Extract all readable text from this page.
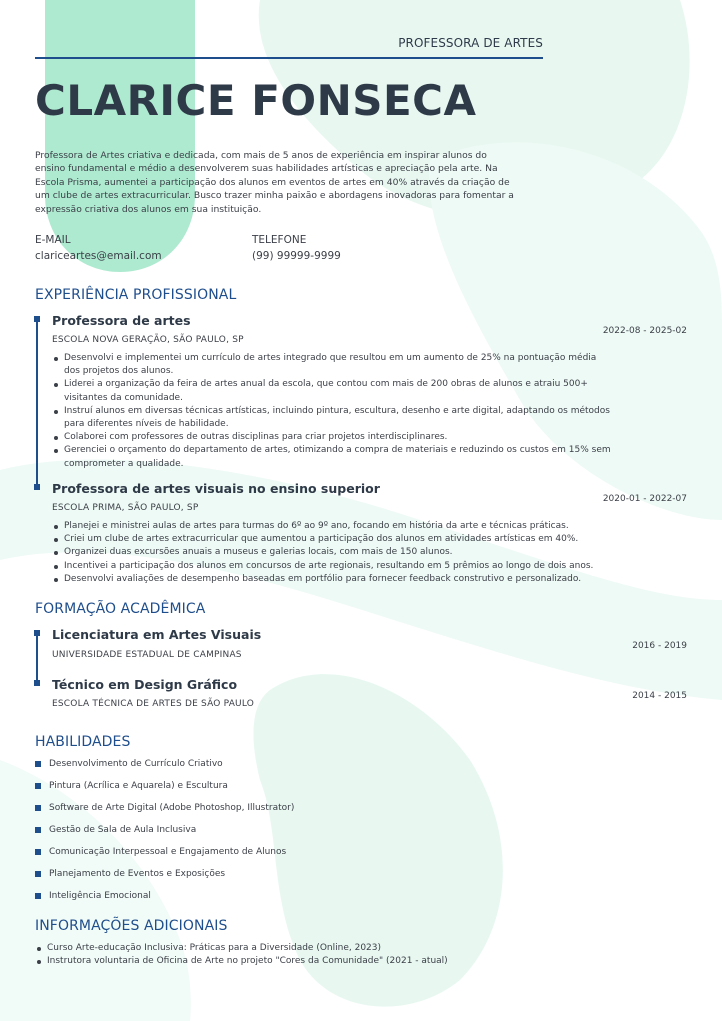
PROFESSORA DE ARTES
CLARICE FONSECA

Professora de Artes criativa e dedicada, com mais de 5 anos de experiência em inspirar alunos do ensino fundamental e médio a desenvolverem suas habilidades artísticas e apreciação pela arte. Na Escola Prisma, aumentei a participação dos alunos em eventos de artes em 40% através da criação de um clube de artes extracurricular. Busco trazer minha paixão e abordagens inovadoras para fomentar a expressão criativa dos alunos em sua instituição.

E-MAIL
clariceartes@email.com
TELEFONE
(99) 99999-9999
EXPERIÊNCIA PROFISSIONAL
Professora de artes
2022-08 - 2025-02
ESCOLA NOVA GERAÇÃO, SÃO PAULO, SP
Desenvolvi e implementei um currículo de artes integrado que resultou em um aumento de 25% na pontuação média dos projetos dos alunos.
Liderei a organização da feira de artes anual da escola, que contou com mais de 200 obras de alunos e atraiu 500+ visitantes da comunidade.
Instruí alunos em diversas técnicas artísticas, incluindo pintura, escultura, desenho e arte digital, adaptando os métodos para diferentes níveis de habilidade.
Colaborei com professores de outras disciplinas para criar projetos interdisciplinares.
Gerenciei o orçamento do departamento de artes, otimizando a compra de materiais e reduzindo os custos em 15% sem comprometer a qualidade.
Professora de artes visuais no ensino superior
2020-01 - 2022-07
ESCOLA PRIMA, SÃO PAULO, SP
Planejei e ministrei aulas de artes para turmas do 6º ao 9º ano, focando em história da arte e técnicas práticas.
Criei um clube de artes extracurricular que aumentou a participação dos alunos em atividades artísticas em 40%.
Organizei duas excursões anuais a museus e galerias locais, com mais de 150 alunos.
Incentivei a participação dos alunos em concursos de arte regionais, resultando em 5 prêmios ao longo de dois anos.
Desenvolvi avaliações de desempenho baseadas em portfólio para fornecer feedback construtivo e personalizado.
FORMAÇÃO ACADÊMICA
Licenciatura em Artes Visuais
2016 - 2019
UNIVERSIDADE ESTADUAL DE CAMPINAS
Técnico em Design Gráfico
2014 - 2015
ESCOLA TÉCNICA DE ARTES DE SÃO PAULO
HABILIDADES
Desenvolvimento de Currículo Criativo
Pintura (Acrílica e Aquarela) e Escultura
Software de Arte Digital (Adobe Photoshop, Illustrator)
Gestão de Sala de Aula Inclusiva
Comunicação Interpessoal e Engajamento de Alunos
Planejamento de Eventos e Exposições
Inteligência Emocional
INFORMAÇÕES ADICIONAIS
Curso Arte-educação Inclusiva: Práticas para a Diversidade (Online, 2023)
Instrutora voluntaria de Oficina de Arte no projeto "Cores da Comunidade" (2021 - atual)
